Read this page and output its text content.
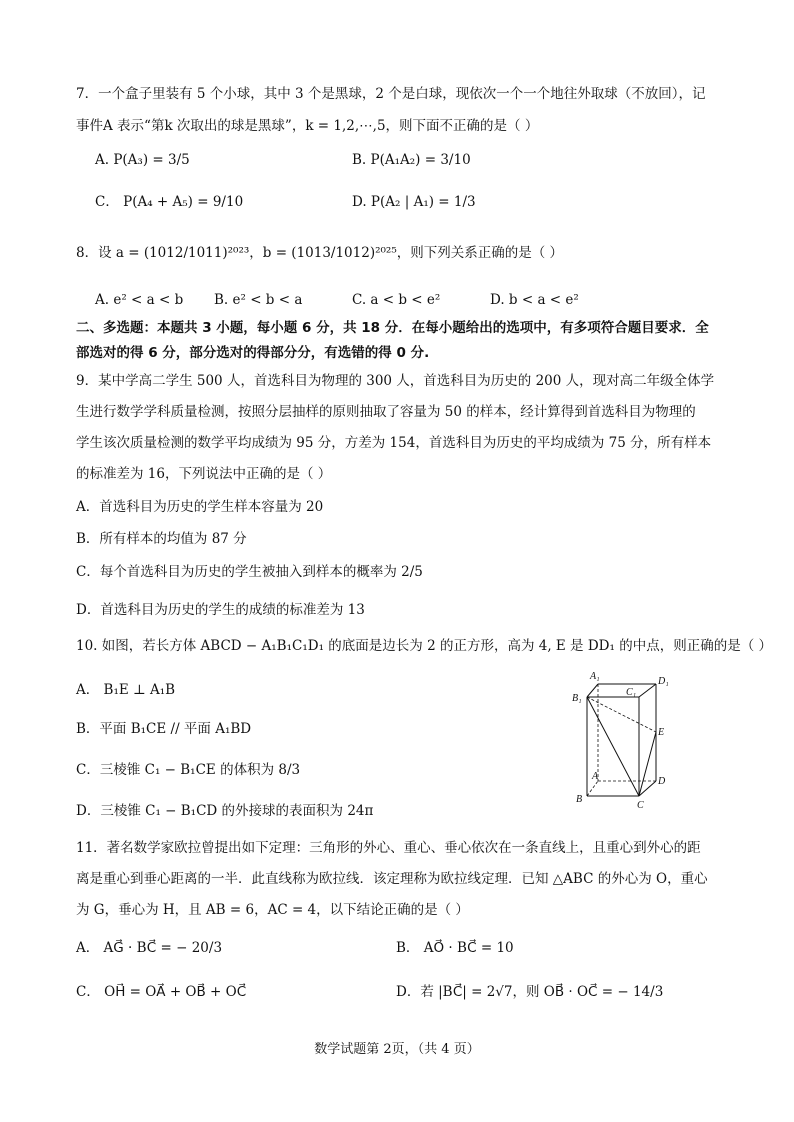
7．一个盒子里装有 5 个小球，其中 3 个是黑球，2 个是白球，现依次一个一个地往外取球（不放回），记
事件A 表示“第k 次取出的球是黑球”，k = 1,2,⋯,5，则下面不正确的是（ ）
A. P(A₃) = 3/5	B. P(A₁A₂) = 3/10
C． P(A₄ + A₅) = 9/10	D. P(A₂ | A₁) = 1/3
8．设 a = (1012/1011)²⁰²³，b = (1013/1012)²⁰²⁵，则下列关系正确的是（ ）
A. e² < a < b B. e² < b < a	C. a < b < e²	D. b < a < e²
二、多选题：本题共 3 小题，每小题 6 分，共 18 分．在每小题给出的选项中，有多项符合题目要求．全
部选对的得 6 分，部分选对的得部分分，有选错的得 0 分.
9．某中学高二学生 500 人，首选科目为物理的 300 人，首选科目为历史的 200 人，现对高二年级全体学
生进行数学学科质量检测，按照分层抽样的原则抽取了容量为 50 的样本，经计算得到首选科目为物理的
学生该次质量检测的数学平均成绩为 95 分，方差为 154，首选科目为历史的平均成绩为 75 分，所有样本
的标准差为 16，下列说法中正确的是（ ）
A．首选科目为历史的学生样本容量为 20
B．所有样本的均值为 87 分
C．每个首选科目为历史的学生被抽入到样本的概率为 2/5
D．首选科目为历史的学生的成绩的标准差为 13
10. 如图，若长方体 ABCD − A₁B₁C₁D₁ 的底面是边长为 2 的正方形，高为 4, E 是 DD₁ 的中点，则正确的是（ ）
A． B₁E ⊥ A₁B
B．平面 B₁CE // 平面 A₁BD
C．三棱锥 C₁ − B₁CE 的体积为 8/3
D．三棱锥 C₁ − B₁CD 的外接球的表面积为 24π
A₁	D₁
C₁
B₁
E
A	D
B
C
11．著名数学家欧拉曾提出如下定理：三角形的外心、重心、垂心依次在一条直线上，且重心到外心的距
离是重心到垂心距离的一半．此直线称为欧拉线．该定理称为欧拉线定理．已知 △ABC 的外心为 O，重心
为 G，垂心为 H，且 AB = 6，AC = 4，以下结论正确的是（ ）
A． AG⃗ · BC⃗ = − 20/3	B． AO⃗ · BC⃗ = 10
C． OH⃗ = OA⃗ + OB⃗ + OC⃗	D．若 |BC⃗| = 2√7，则 OB⃗ · OC⃗ = − 14/3
数学试题第 2页，（共 4 页）
